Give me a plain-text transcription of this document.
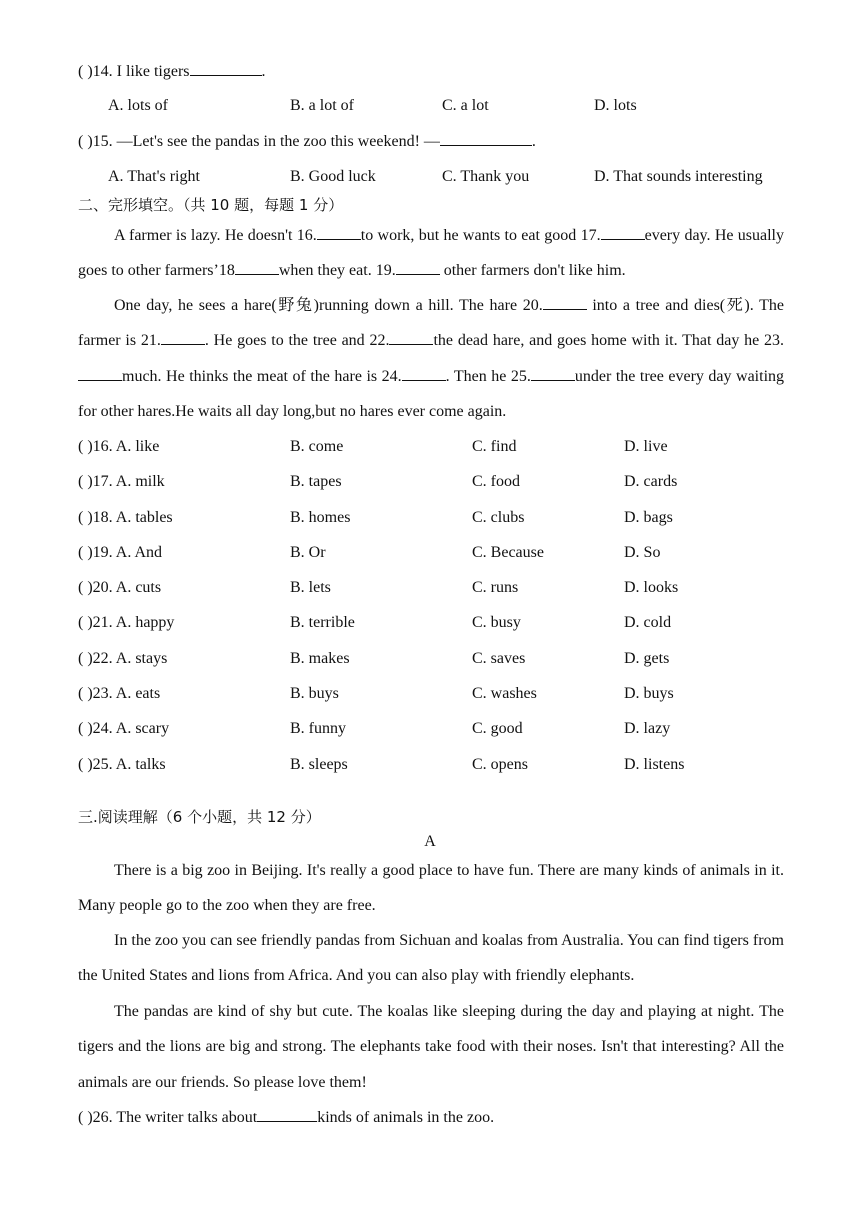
( )14. I like tigers	.
A. lots of	B. a lot of	C. a lot	D. lots
( )15. —Let's see the pandas in the zoo this weekend! —	.
A. That's right	B. Good luck	C. Thank you	D. That sounds interesting
二、完形填空。（共 10 题，每题 1 分）
A farmer is lazy. He doesn't 16.	to work, but he wants to eat good 17.	every day. He usually goes to other farmers’18	when they eat. 19.	other farmers don't like him.
One day, he sees a hare(野兔)running down a hill. The hare 20.	into a tree and dies(死). The farmer is 21.	. He goes to the tree and 22.	the dead hare, and goes home with it. That day he 23.much. He thinks the meat of the hare is 24.	. Then he 25.	under the tree every day waiting for other hares.He waits all day long,but no hares ever come again.
( )16. A. like	B. come	C. find	D. live
( )17. A. milk	B. tapes	C. food	D. cards
( )18. A. tables	B. homes	C. clubs	D. bags
( )19. A. And	B. Or	C. Because	D. So
( )20. A. cuts	B. lets	C. runs	D. looks
( )21. A. happy	B. terrible	C. busy	D. cold
( )22. A. stays	B. makes	C. saves	D. gets
( )23. A. eats	B. buys	C. washes	D. buys
( )24. A. scary	B. funny	C. good	D. lazy
( )25. A. talks	B. sleeps	C. opens	D. listens
三.阅读理解（6 个小题，共 12 分）
A
There is a big zoo in Beijing. It's really a good place to have fun. There are many kinds of animals in it. Many people go to the zoo when they are free.
In the zoo you can see friendly pandas from Sichuan and koalas from Australia. You can find tigers from the United States and lions from Africa. And you can also play with friendly elephants.
The pandas are kind of shy but cute. The koalas like sleeping during the day and playing at night. The tigers and the lions are big and strong. The elephants take food with their noses. Isn't that interesting? All the animals are our friends. So please love them!
( )26. The writer talks about	kinds of animals in the zoo.
